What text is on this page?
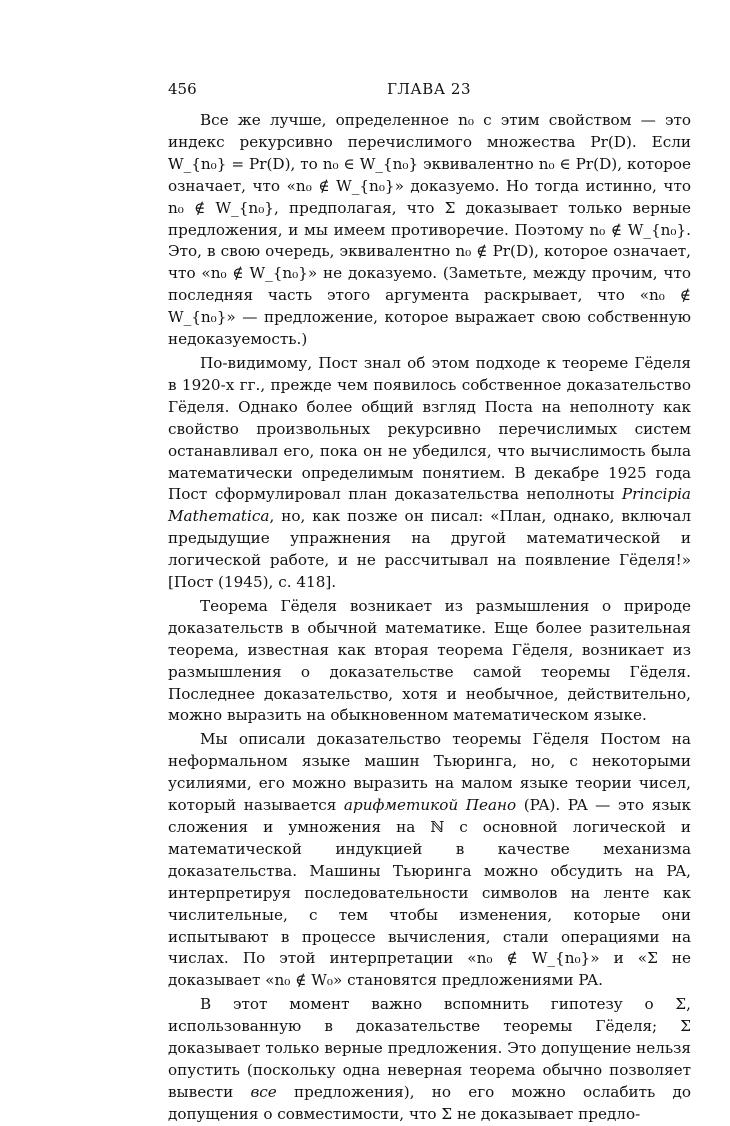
456	ГЛАВА 23

Все же лучше, определенное n₀ с этим свойством — это индекс рекурсивно перечислимого множества Pr(D). Если W_{n₀} = Pr(D), то n₀ ∈ W_{n₀} эквивалентно n₀ ∈ Pr(D), которое означает, что «n₀ ∉ W_{n₀}» доказуемо. Но тогда истинно, что n₀ ∉ W_{n₀}, предполагая, что Σ доказывает только верные предложения, и мы имеем противоречие. Поэтому n₀ ∉ W_{n₀}. Это, в свою очередь, эквивалентно n₀ ∉ Pr(D), которое означает, что «n₀ ∉ W_{n₀}» не доказуемо. (Заметьте, между прочим, что последняя часть этого аргумента раскрывает, что «n₀ ∉ W_{n₀}» — предложение, которое выражает свою собственную недоказуемость.)

По-видимому, Пост знал об этом подходе к теореме Гёделя в 1920-х гг., прежде чем появилось собственное доказательство Гёделя. Однако более общий взгляд Поста на неполноту как свойство произвольных рекурсивно перечислимых систем останавливал его, пока он не убедился, что вычислимость была математически определимым понятием. В декабре 1925 года Пост сформулировал план доказательства неполноты Principia Mathematica, но, как позже он писал: «План, однако, включал предыдущие упражнения на другой математической и логической работе, и не рассчитывал на появление Гёделя!» [Пост (1945), с. 418].

Теорема Гёделя возникает из размышления о природе доказательств в обычной математике. Еще более разительная теорема, известная как вторая теорема Гёделя, возникает из размышления о доказательстве самой теоремы Гёделя. Последнее доказательство, хотя и необычное, действительно, можно выразить на обыкновенном математическом языке.

Мы описали доказательство теоремы Гёделя Постом на неформальном языке машин Тьюринга, но, с некоторыми усилиями, его можно выразить на малом языке теории чисел, который называется арифметикой Пеано (PA). PA — это язык сложения и умножения на ℕ с основной логической и математической индукцией в качестве механизма доказательства. Машины Тьюринга можно обсудить на PA, интерпретируя последовательности символов на ленте как числительные, с тем чтобы изменения, которые они испытывают в процессе вычисления, стали операциями на числах. По этой интерпретации «n₀ ∉ W_{n₀}» и «Σ не доказывает «n₀ ∉ W₀» становятся предложениями PA.

В этот момент важно вспомнить гипотезу о Σ, использованную в доказательстве теоремы Гёделя; Σ доказывает только верные предложения. Это допущение нельзя опустить (поскольку одна неверная теорема обычно позволяет вывести все предложения), но его можно ослабить до допущения о совместимости, что Σ не доказывает предло-
